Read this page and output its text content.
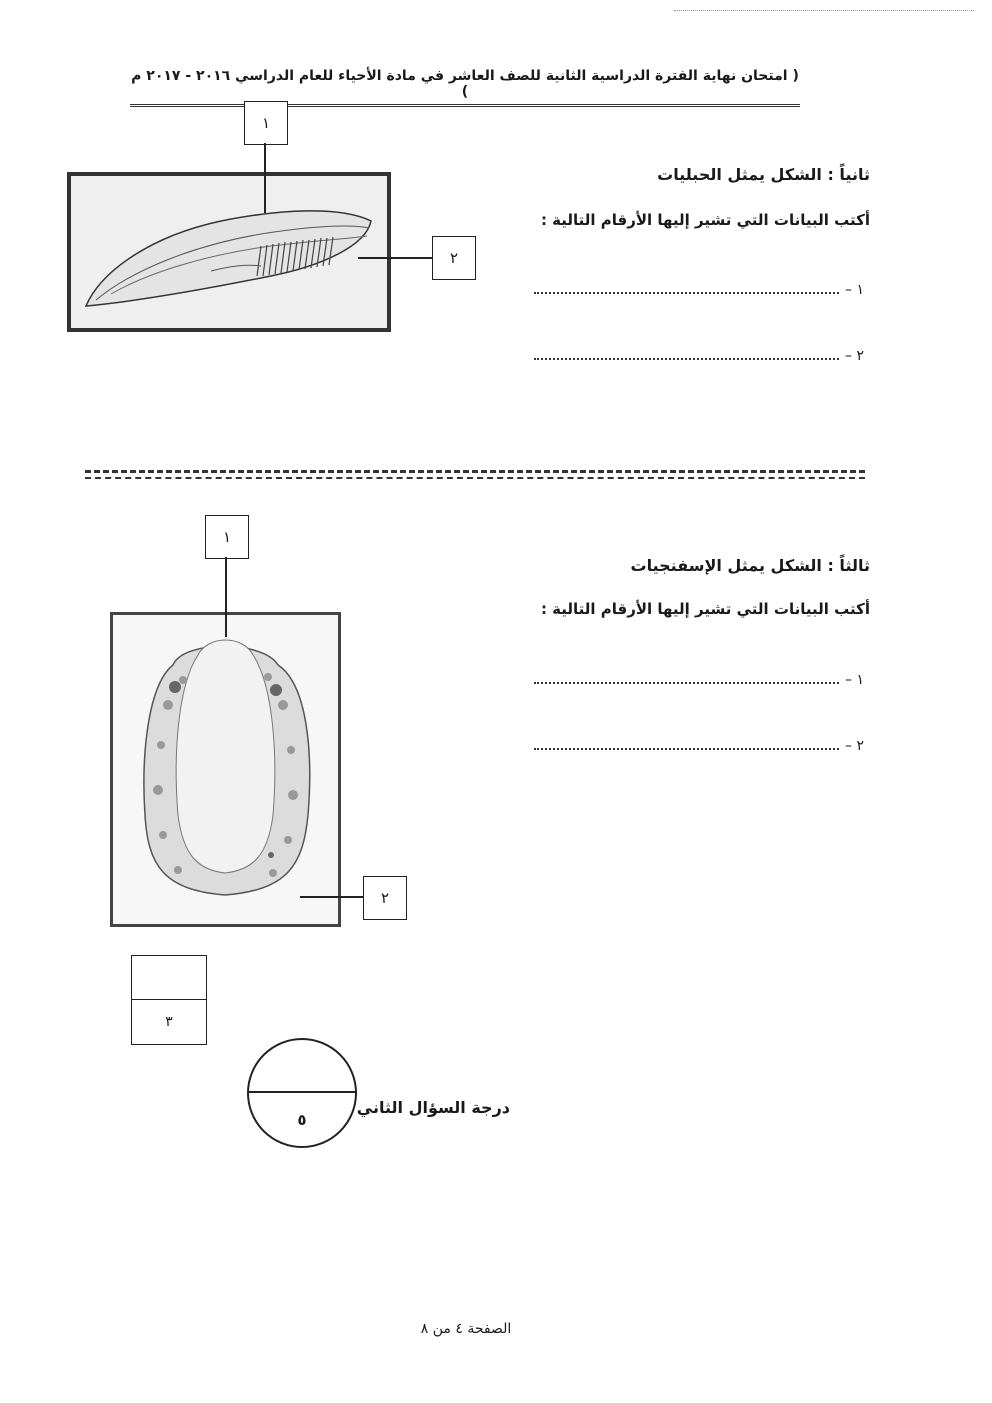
( امتحان نهاية الفترة الدراسية الثانية للصف العاشر في مادة الأحياء للعام الدراسي ٢٠١٦ - ٢٠١٧ م )
ثانياً : الشكل يمثل الحبليات
أكتب البيانات التي تشير إليها الأرقام التالية :
١ –
٢ –
١
٢
ثالثاً : الشكل يمثل الإسفنجيات
أكتب البيانات التي تشير إليها الأرقام التالية :
١ –
٢ –
١
٢
٣
٥
درجة السؤال الثاني
الصفحة ٤ من ٨
